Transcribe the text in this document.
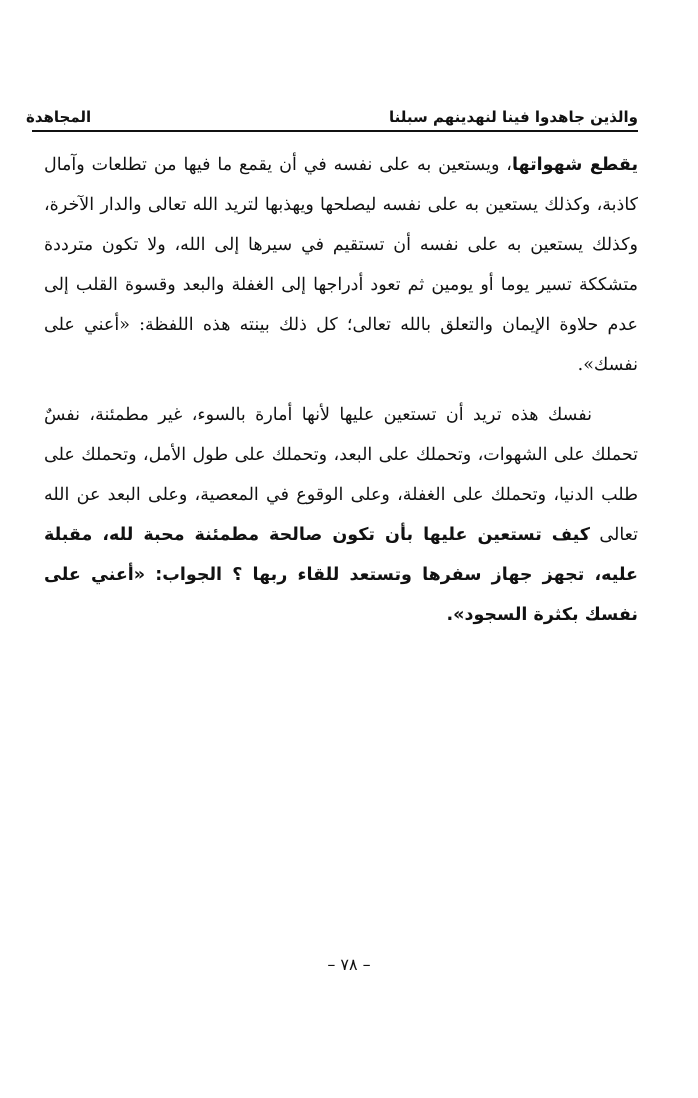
والذين جاهدوا فينا لنهدينهم سبلنا
المجاهدة

يقطع شهواتها، ويستعين به على نفسه في أن يقمع ما فيها من تطلعات وآمال كاذبة، وكذلك يستعين به على نفسه ليصلحها ويهذبها لتريد الله تعالى والدار الآخرة، وكذلك يستعين به على نفسه أن تستقيم في سيرها إلى الله، ولا تكون مترددة متشككة تسير يوما أو يومين ثم تعود أدراجها إلى الغفلة والبعد وقسوة القلب إلى عدم حلاوة الإيمان والتعلق بالله تعالى؛ كل ذلك بينته هذه اللفظة: «أعني على نفسك».

نفسك هذه تريد أن تستعين عليها لأنها أمارة بالسوء، غير مطمئنة، نفسٌ تحملك على الشهوات، وتحملك على البعد، وتحملك على طول الأمل، وتحملك على طلب الدنيا، وتحملك على الغفلة، وعلى الوقوع في المعصية، وعلى البعد عن الله تعالى كيف تستعين عليها بأن تكون صالحة مطمئنة محبة لله، مقبلة عليه، تجهز جهاز سفرها وتستعد للقاء ربها ؟ الجواب: «أعني على نفسك بكثرة السجود».

– ٧٨ –
